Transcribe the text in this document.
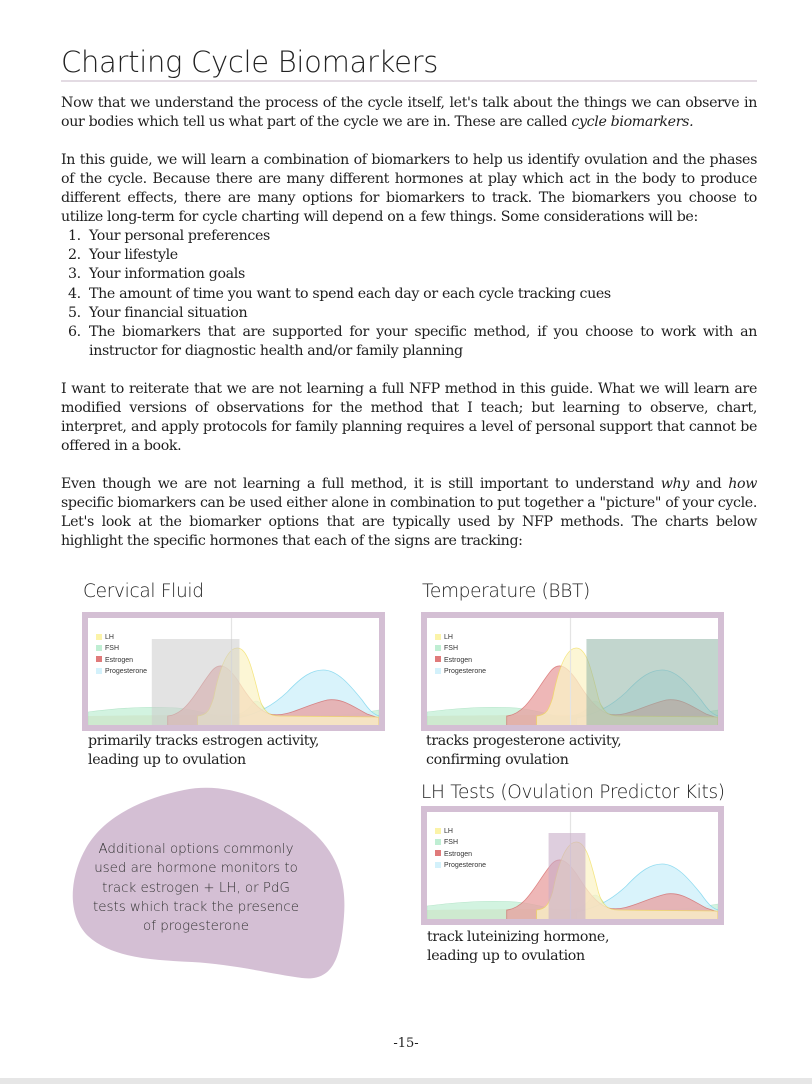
Charting Cycle Biomarkers

Now that we understand the process of the cycle itself, let's talk about the things we can observe in our bodies which tell us what part of the cycle we are in. These are called cycle biomarkers.

In this guide, we will learn a combination of biomarkers to help us identify ovulation and the phases of the cycle. Because there are many different hormones at play which act in the body to produce different effects, there are many options for biomarkers to track. The biomarkers you choose to utilize long-term for cycle charting will depend on a few things. Some considerations will be:

1. Your personal preferences
2. Your lifestyle
3. Your information goals
4. The amount of time you want to spend each day or each cycle tracking cues
5. Your financial situation
6. The biomarkers that are supported for your specific method, if you choose to work with an instructor for diagnostic health and/or family planning

I want to reiterate that we are not learning a full NFP method in this guide. What we will learn are modified versions of observations for the method that I teach; but learning to observe, chart, interpret, and apply protocols for family planning requires a level of personal support that cannot be offered in a book.

Even though we are not learning a full method, it is still important to understand why and how specific biomarkers can be used either alone in combination to put together a "picture" of your cycle. Let's look at the biomarker options that are typically used by NFP methods. The charts below highlight the specific hormones that each of the signs are tracking:

Cervical Fluid
LH
FSH
Estrogen
Progesterone
primarily tracks estrogen activity,
leading up to ovulation
Temperature (BBT)
LH
FSH
Estrogen
Progesterone
tracks progesterone activity,
confirming ovulation
LH Tests (Ovulation Predictor Kits)
LH
FSH
Estrogen
Progesterone
track luteinizing hormone,
leading up to ovulation
Additional options commonly used are hormone monitors to track estrogen + LH, or PdG tests which track the presence of progesterone
-15-
